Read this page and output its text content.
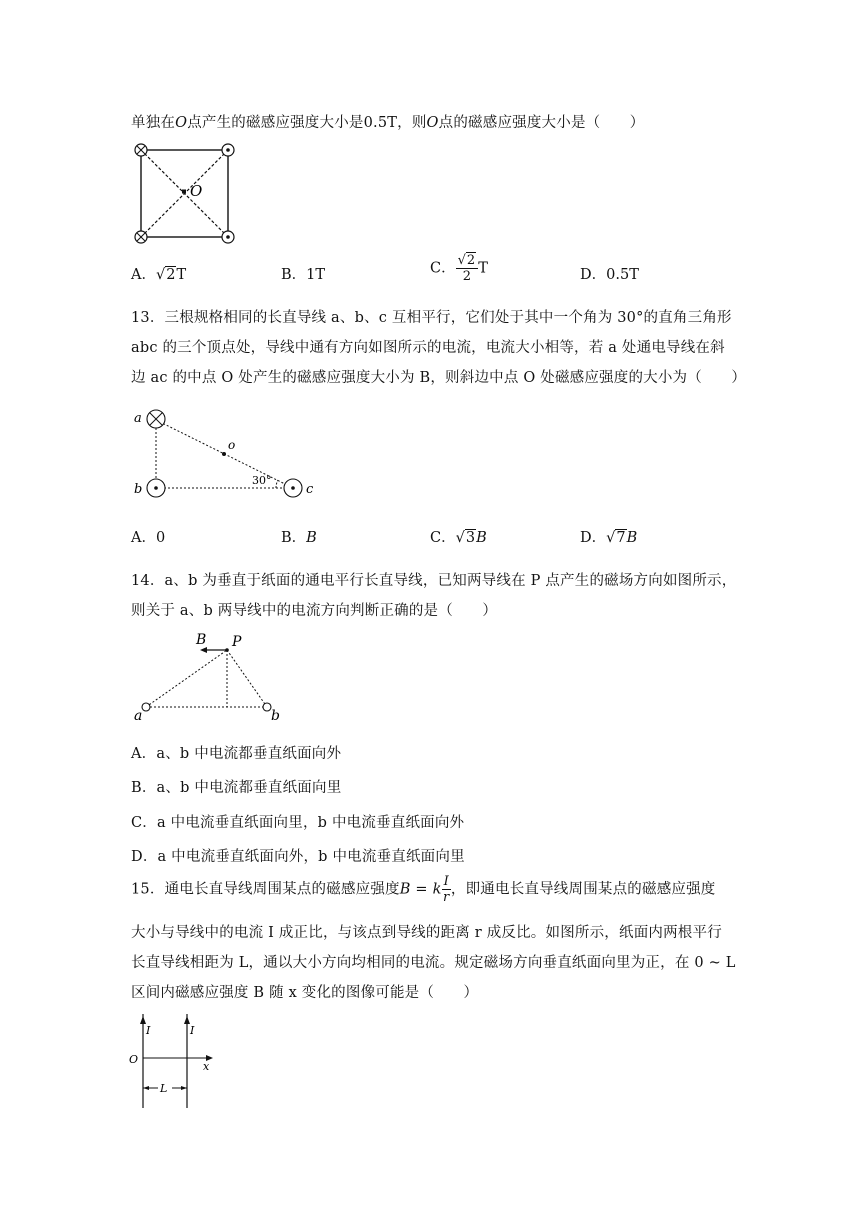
单独在O点产生的磁感应强度大小是0.5T，则O点的磁感应强度大小是（　　）
O
A．√2T	B．1T	C． $\frac{√2}{2}$ T	D．0.5T
13．三根规格相同的长直导线 a、b、c 互相平行，它们处于其中一个角为 30°的直角三角形
abc 的三个顶点处，导线中通有方向如图所示的电流，电流大小相等，若 a 处通电导线在斜
边 ac 的中点 O 处产生的磁感应强度大小为 B，则斜边中点 O 处磁感应强度的大小为（　　）
a
b	c
o
30°
A．0	B．B	C．√3B	D．√7B
14．a、b 为垂直于纸面的通电平行长直导线，已知两导线在 P 点产生的磁场方向如图所示，
则关于 a、b 两导线中的电流方向判断正确的是（　　）
B P
a	b
A．a、b 中电流都垂直纸面向外
B．a、b 中电流都垂直纸面向里
C．a 中电流垂直纸面向里，b 中电流垂直纸面向外
D．a 中电流垂直纸面向外，b 中电流垂直纸面向里
15．通电长直导线周围某点的磁感应强度B = k $\frac{I}{r}$ ，即通电长直导线周围某点的磁感应强度
大小与导线中的电流 I 成正比，与该点到导线的距离 r 成反比。如图所示，纸面内两根平行
长直导线相距为 L，通以大小方向均相同的电流。规定磁场方向垂直纸面向里为正，在 0 ~ L
区间内磁感应强度 B 随 x 变化的图像可能是（　　）
I	I
O
x
L
